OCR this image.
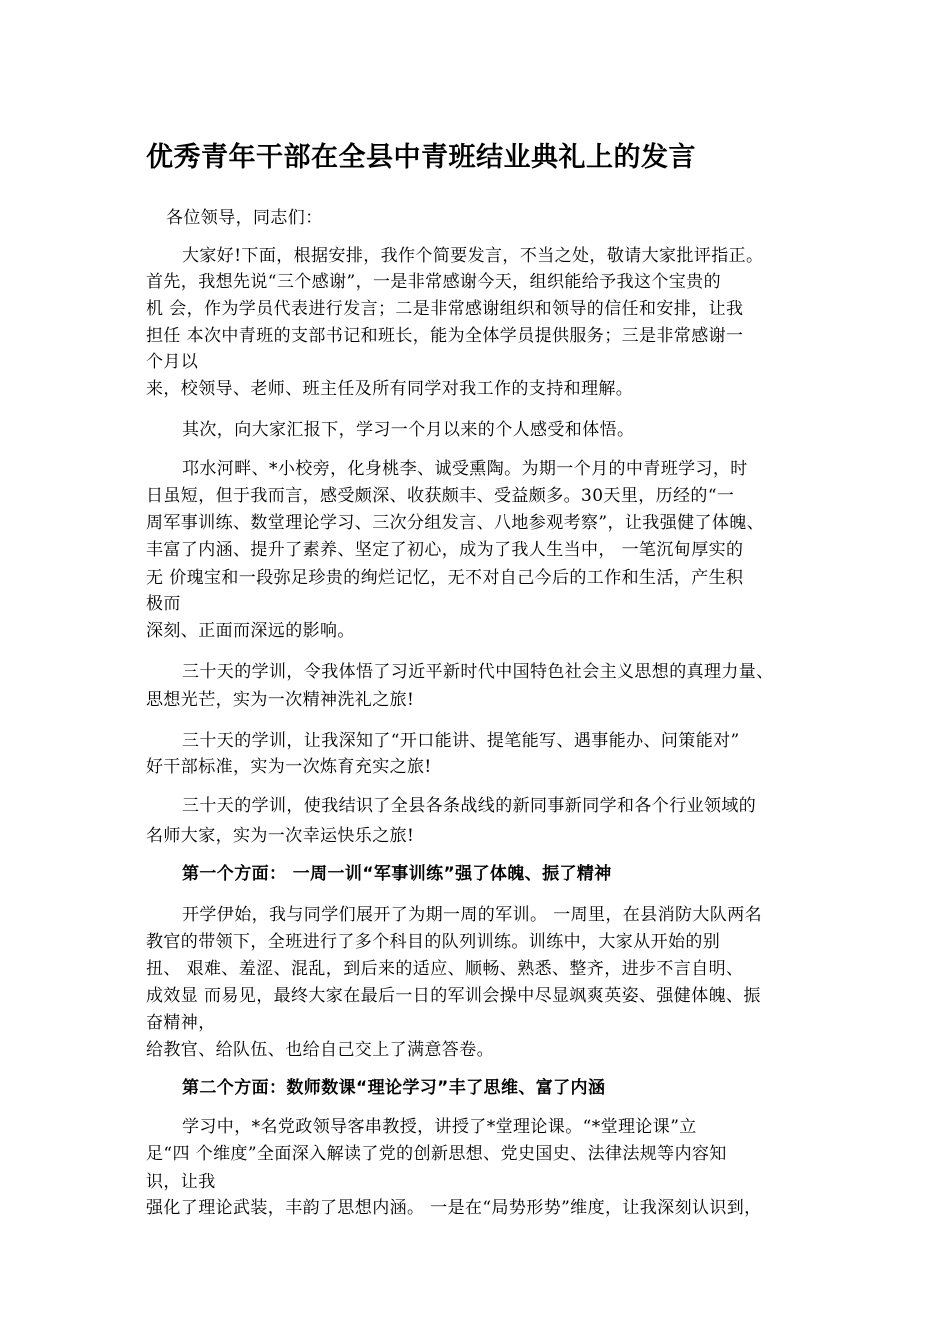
优秀青年干部在全县中青班结业典礼上的发言
各位领导，同志们：
大家好!下面，根据安排，我作个简要发言，不当之处，敬请大家批评指正。
首先，我想先说“三个感谢”，一是非常感谢今天，组织能给予我这个宝贵的
机 会，作为学员代表进行发言；二是非常感谢组织和领导的信任和安排，让我
担任 本次中青班的支部书记和班长，能为全体学员提供服务；三是非常感谢一
个月以
来，校领导、老师、班主任及所有同学对我工作的支持和理解。
其次，向大家汇报下，学习一个月以来的个人感受和体悟。
邛水河畔、*小校旁，化身桃李、诚受熏陶。为期一个月的中青班学习，时
日虽短，但于我而言，感受颇深、收获颇丰、受益颇多。30天里，历经的“一
周军事训练、数堂理论学习、三次分组发言、八地参观考察”，让我强健了体魄、
丰富了内涵、提升了素养、坚定了初心，成为了我人生当中， 一笔沉甸厚实的
无 价瑰宝和一段弥足珍贵的绚烂记忆，无不对自己今后的工作和生活，产生积
极而
深刻、正面而深远的影响。
三十天的学训，令我体悟了习近平新时代中国特色社会主义思想的真理力量、
思想光芒，实为一次精神洗礼之旅!
三十天的学训，让我深知了“开口能讲、提笔能写、遇事能办、问策能对”
好干部标准，实为一次炼育充实之旅!
三十天的学训，使我结识了全县各条战线的新同事新同学和各个行业领域的
名师大家，实为一次幸运快乐之旅!
第一个方面： 一周一训“军事训练”强了体魄、振了精神
开学伊始，我与同学们展开了为期一周的军训。 一周里，在县消防大队两名
教官的带领下，全班进行了多个科目的队列训练。训练中，大家从开始的别
扭、 艰难、羞涩、混乱，到后来的适应、顺畅、熟悉、整齐，进步不言自明、
成效显 而易见，最终大家在最后一日的军训会操中尽显飒爽英姿、强健体魄、振
奋精神，
给教官、给队伍、也给自己交上了满意答卷。
第二个方面：数师数课“理论学习”丰了思维、富了内涵
学习中，*名党政领导客串教授，讲授了*堂理论课。“*堂理论课”立
足“四 个维度”全面深入解读了党的创新思想、党史国史、法律法规等内容知
识，让我
强化了理论武装，丰韵了思想内涵。 一是在“局势形势”维度，让我深刻认识到，
